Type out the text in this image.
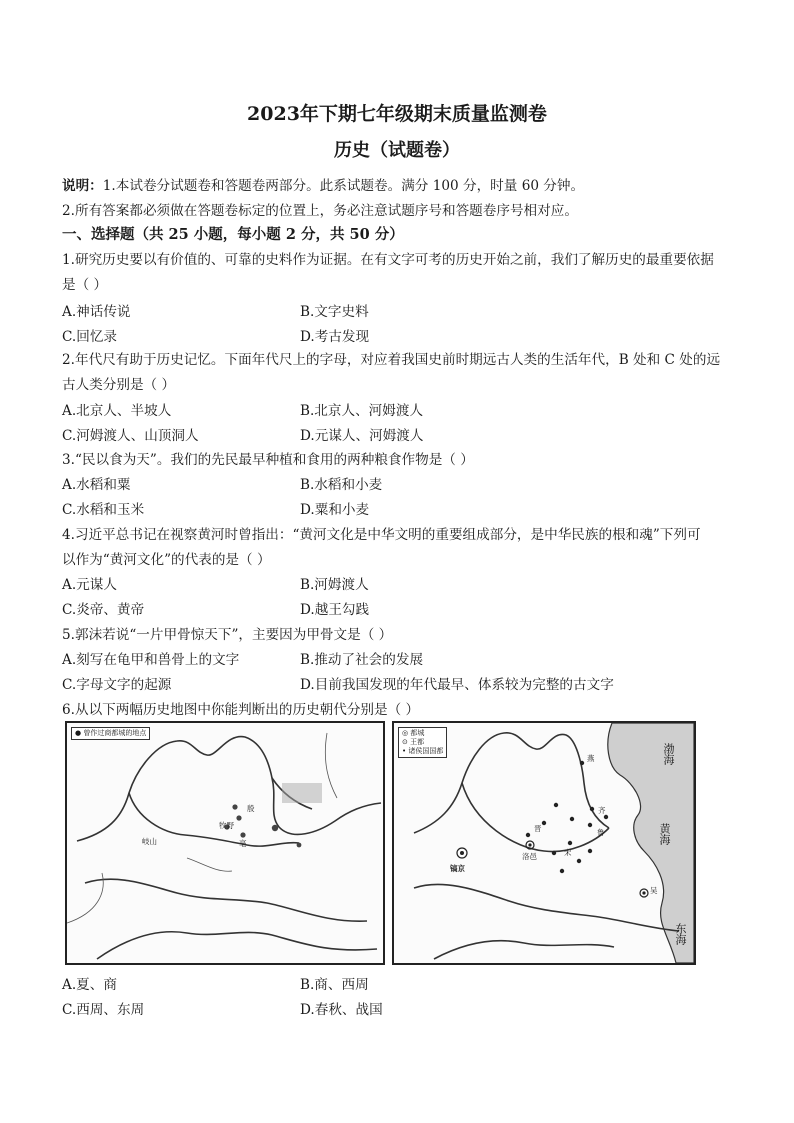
2023年下期七年级期末质量监测卷
历史（试题卷）
说明：1.本试卷分试题卷和答题卷两部分。此系试题卷。满分 100 分，时量 60 分钟。
2.所有答案都必须做在答题卷标定的位置上，务必注意试题序号和答题卷序号相对应。
一、选择题（共 25 小题，每小题 2 分，共 50 分）
1.研究历史要以有价值的、可靠的史料作为证据。在有文字可考的历史开始之前，我们了解历史的最重要依据
是（ ）
A.神话传说	B.文字史料
C.回忆录	D.考古发现
2.年代尺有助于历史记忆。下面年代尺上的字母，对应着我国史前时期远古人类的生活年代，B 处和 C 处的远
古人类分别是（ ）
A.北京人、半坡人	B.北京人、河姆渡人
C.河姆渡人、山顶洞人	D.元谋人、河姆渡人
3.“民以食为天”。我们的先民最早种植和食用的两种粮食作物是（ ）
A.水稻和粟	B.水稻和小麦
C.水稻和玉米	D.粟和小麦
4.习近平总书记在视察黄河时曾指出：“黄河文化是中华文明的重要组成部分，是中华民族的根和魂”下列可
以作为“黄河文化”的代表的是（ ）
A.元谋人	B.河姆渡人
C.炎帝、黄帝	D.越王勾践
5.郭沫若说“一片甲骨惊天下”，主要因为甲骨文是（ ）
A.刻写在龟甲和兽骨上的文字	B.推动了社会的发展
C.字母文字的起源	D.目前我国发现的年代最早、体系较为完整的古文字
6.从以下两幅历史地图中你能判断出的历史朝代分别是（ ）
● 曾作过商都城的地点
牧野
亳
殷
岐山
◎ 都城
⊙ 王都
• 诸侯国国都
燕
晋
齐
鲁
宋
洛邑
镐京
吴
渤海
黄海
东海
A.夏、商	B.商、西周
C.西周、东周	D.春秋、战国
